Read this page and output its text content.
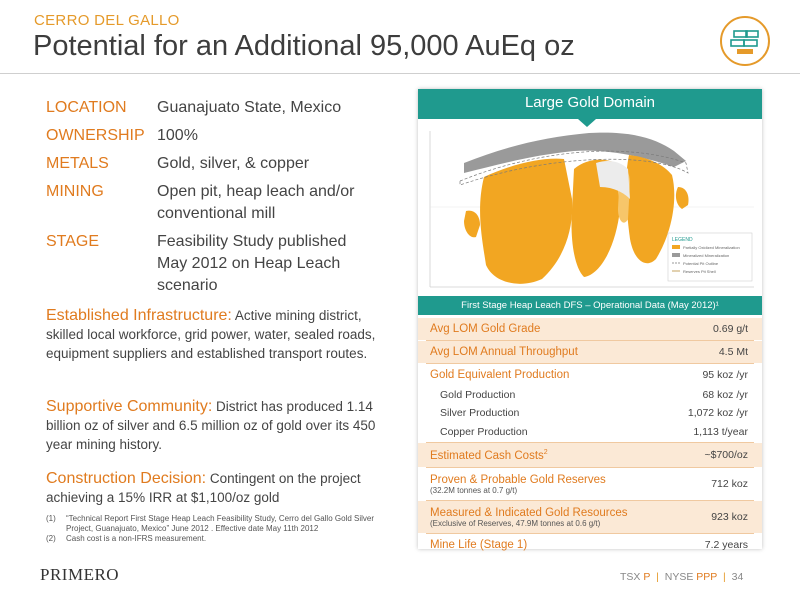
CERRO DEL GALLO
Potential for an Additional 95,000 AuEq oz
LOCATION	Guanajuato State, Mexico
OWNERSHIP 100%
METALS	Gold, silver, & copper
MINING	Open pit, heap leach and/or conventional mill
STAGE	Feasibility Study published May 2012 on Heap Leach scenario

Established Infrastructure: Active mining district, skilled local workforce, grid power, water, sealed roads, equipment suppliers and established transport routes.

Supportive Community: District has produced 1.14 billion oz of silver and 6.5 million oz of gold over its 450 year mining history.

Construction Decision: Contingent on the project achieving a 15% IRR at $1,100/oz gold

(1)	“Technical Report First Stage Heap Leach Feasibility Study, Cerro del Gallo Gold Silver Project, Guanajuato, Mexico” June 2012 . Effective date May 11th 2012
(2)	Cash cost is a non-IFRS measurement.
PRIMERO	TSX P | NYSE PPP | 34
Large Gold Domain
LEGEND
Partially Oxidized Mineralization
Mineralized Mineralization
Potential Pit Outline
Reserves Pit Shell
First Stage Heap Leach DFS – Operational Data (May 2012)¹
Avg LOM Gold Grade	0.69 g/t
Avg LOM Annual Throughput	4.5 Mt
Gold Equivalent Production	95 koz /yr
Gold Production	68 koz /yr
Silver Production	1,072 koz /yr
Copper Production	1,113 t/year
Estimated Cash Costs$^2$	~$700/oz
Proven & Probable Gold Reserves
(32.2M tonnes at 0.7 g/t)	712 koz
Measured & Indicated Gold Resources
(Exclusive of Reserves, 47.9M tonnes at 0.6 g/t)	923 koz
Mine Life (Stage 1)	7.2 years
